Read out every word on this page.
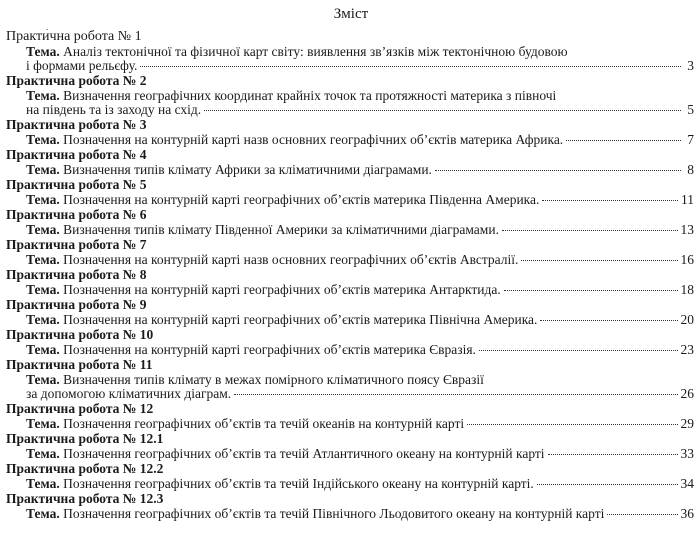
Зміст
Практи́чна робота № 1
Тема. Аналіз тектонічної та фізичної карт світу: виявлення зв’язків між тектонічною будовою
і формами рельєфу.	3
Практична робота № 2
Тема. Визначення географічних координат крайніх точок та протяжності материка з півночі
на південь та із заходу на схід.	5
Практична робота № 3
Тема. Позначення на контурній карті назв основних географічних об’єктів материка Африка.	7
Практична робота № 4
Тема. Визначення типів клімату Африки за кліматичними діаграмами.	8
Практична робота № 5
Тема. Позначення на контурній карті географічних об’єктів материка Південна Америка.	11
Практична робота № 6
Тема. Визначення типів клімату Південної Америки за кліматичними діаграмами.	13
Практична робота № 7
Тема. Позначення на контурній карті назв основних географічних об’єктів Австралії.	16
Практична робота № 8
Тема. Позначення на контурній карті географічних об’єктів материка Антарктида.	18
Практична робота № 9
Тема. Позначення на контурній карті географічних об’єктів материка Північна Америка.	20
Практична робота № 10
Тема. Позначення на контурній карті географічних об’єктів материка Євразія.	23
Практична робота № 11
Тема. Визначення типів клімату в межах помірного кліматичного поясу Євразії
за допомогою кліматичних діаграм.	26
Практична робота № 12
Тема. Позначення географічних об’єктів та течій океанів на контурній карті	29
Практична робота № 12.1
Тема. Позначення географічних об’єктів та течій Атлантичного океану на контурній карті	33
Практична робота № 12.2
Тема. Позначення географічних об’єктів та течій Індійського океану на контурній карті.	34
Практична робота № 12.3
Тема. Позначення географічних об’єктів та течій Північного Льодовитого океану на контурній карті	36
